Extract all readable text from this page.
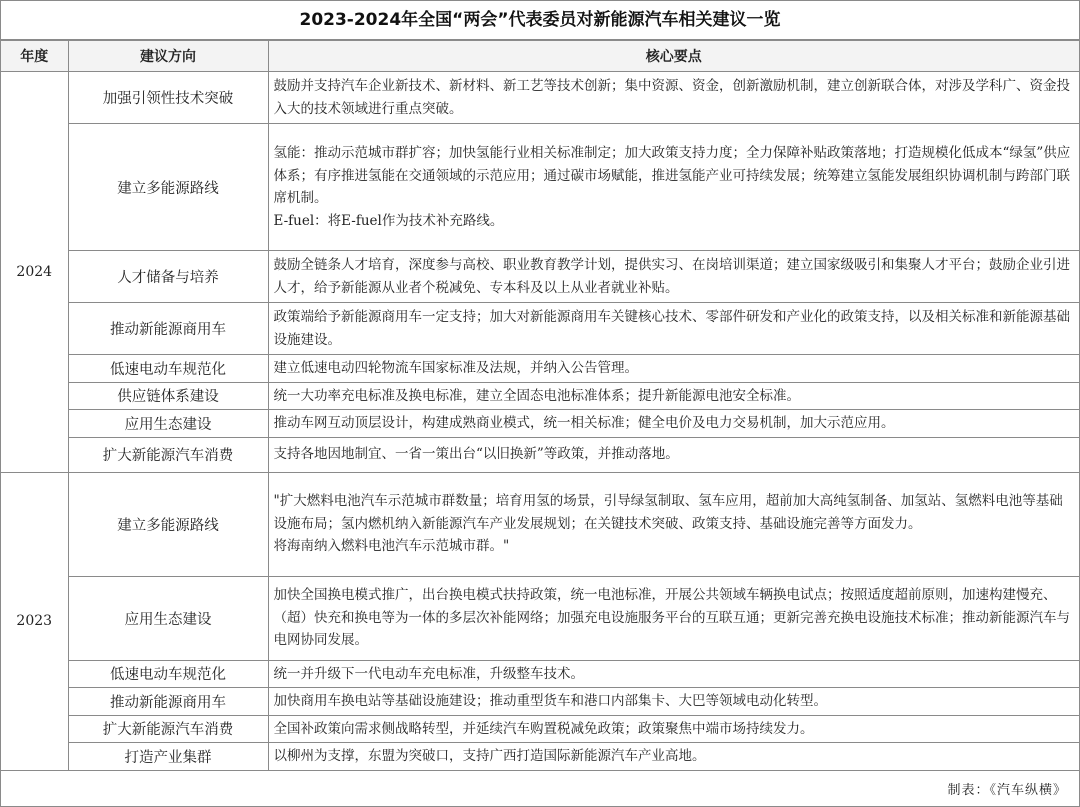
2023-2024年全国“两会”代表委员对新能源汽车相关建议一览
年度	建议方向	核心要点
2024	加强引领性技术突破	鼓励并支持汽车企业新技术、新材料、新工艺等技术创新；集中资源、资金，创新激励机制，建立创新联合体，对涉及学科广、资金投入大的技术领域进行重点突破。

	建立多能源路线	氢能：推动示范城市群扩容；加快氢能行业相关标准制定；加大政策支持力度；全力保障补贴政策落地；打造规模化低成本“绿氢”供应体系；有序推进氢能在交通领域的示范应用；通过碳市场赋能，推进氢能产业可持续发展；统筹建立氢能发展组织协调机制与跨部门联席机制。
E-fuel：将E-fuel作为技术补充路线。

	人才储备与培养	鼓励全链条人才培育，深度参与高校、职业教育教学计划，提供实习、在岗培训渠道；建立国家级吸引和集聚人才平台；鼓励企业引进人才，给予新能源从业者个税减免、专本科及以上从业者就业补贴。

	推动新能源商用车	政策端给予新能源商用车一定支持；加大对新能源商用车关键核心技术、零部件研发和产业化的政策支持，以及相关标准和新能源基础设施建设。

	低速电动车规范化	建立低速电动四轮物流车国家标准及法规，并纳入公告管理。

	供应链体系建设	统一大功率充电标准及换电标准，建立全固态电池标准体系；提升新能源电池安全标准。

	应用生态建设	推动车网互动顶层设计，构建成熟商业模式，统一相关标准；健全电价及电力交易机制，加大示范应用。

	扩大新能源汽车消费	支持各地因地制宜、一省一策出台“以旧换新”等政策，并推动落地。

2023	建立多能源路线	"扩大燃料电池汽车示范城市群数量；培育用氢的场景，引导绿氢制取、氢车应用，超前加大高纯氢制备、加氢站、氢燃料电池等基础设施布局；氢内燃机纳入新能源汽车产业发展规划；在关键技术突破、政策支持、基础设施完善等方面发力。
将海南纳入燃料电池汽车示范城市群。"

	应用生态建设	加快全国换电模式推广，出台换电模式扶持政策，统一电池标准，开展公共领域车辆换电试点；按照适度超前原则，加速构建慢充、（超）快充和换电等为一体的多层次补能网络；加强充电设施服务平台的互联互通；更新完善充换电设施技术标准；推动新能源汽车与电网协同发展。

	低速电动车规范化	统一并升级下一代电动车充电标准，升级整车技术。

	推动新能源商用车	加快商用车换电站等基础设施建设；推动重型货车和港口内部集卡、大巴等领域电动化转型。

	扩大新能源汽车消费	全国补政策向需求侧战略转型，并延续汽车购置税减免政策；政策聚焦中端市场持续发力。

	打造产业集群	以柳州为支撑，东盟为突破口，支持广西打造国际新能源汽车产业高地。
制表：《汽车纵横》
